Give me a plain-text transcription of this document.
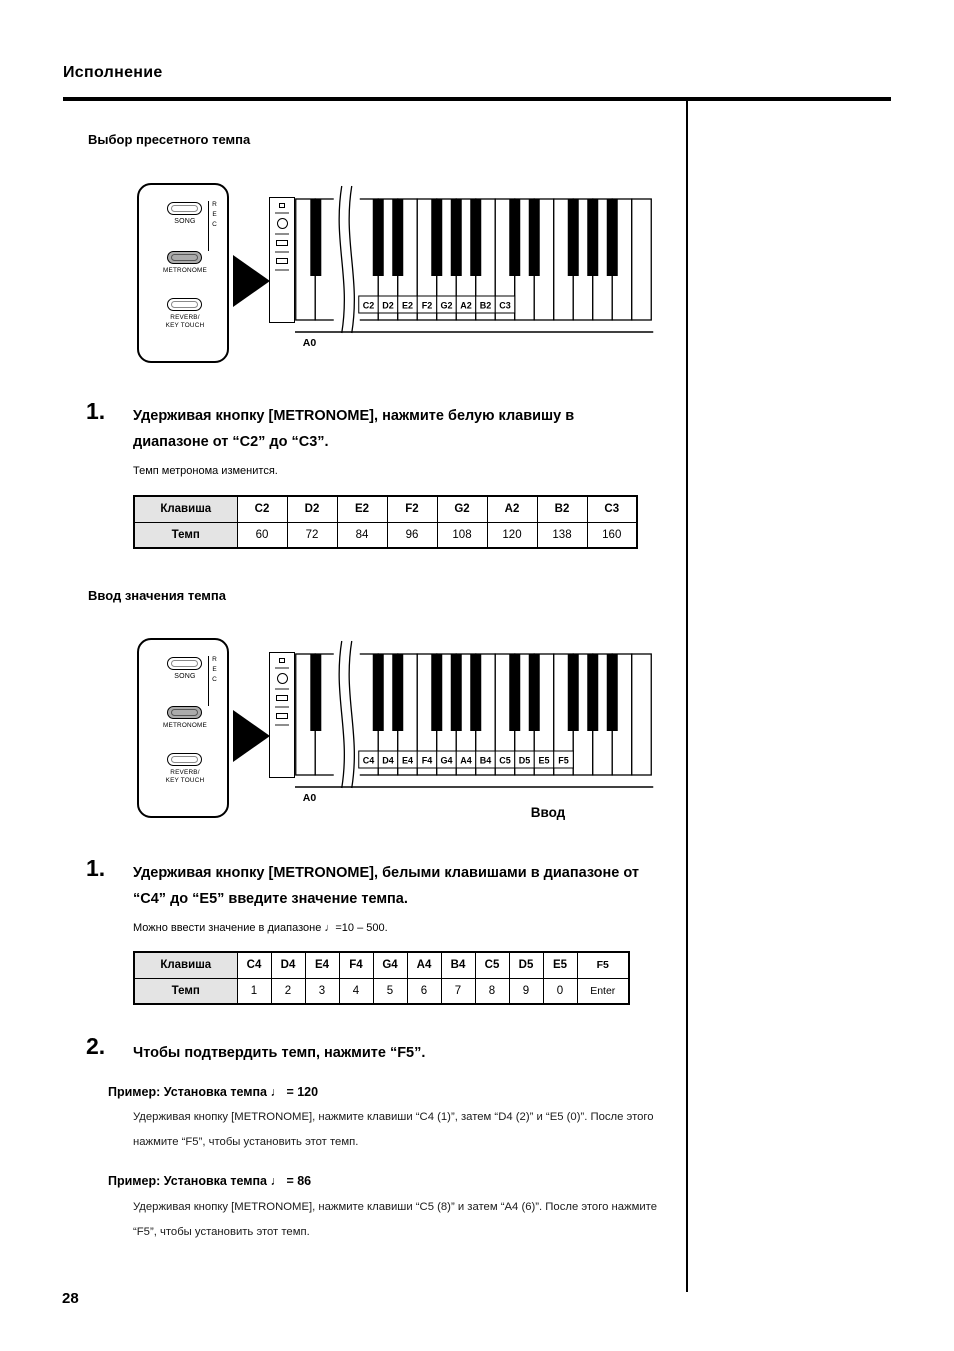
Исполнение
Выбор пресетного темпа
SONG	REC
METRONOME
REVERB/
KEY TOUCH
C2 D2 E2 F2 G2 A2 B2 C3
A0
1. Удерживая кнопку [METRONOME], нажмите белую клавишу в диапазоне от “C2” до “C3”.
Темп метронома изменится.
Клавиша	C2	D2	E2	F2	G2	A2	B2	C3
Темп	60	72	84	96	108	120	138	160
Ввод значения темпа
SONG	REC
METRONOME
REVERB/
KEY TOUCH
C4 D4 E4 F4 G4 A4 B4 C5 D5 E5 F5
A0
Ввод
1. Удерживая кнопку [METRONOME], белыми клавишами в диапазоне от “C4” до “E5” введите значение темпа.
Можно ввести значение в диапазоне ♩=10 – 500.
Клавиша	C4	D4	E4	F4	G4	A4	B4	C5	D5	E5	F5
Темп	1	2	3	4	5	6	7	8	9	0	Enter
2. Чтобы подтвердить темп, нажмите “F5”.
Пример: Установка темпа ♩ = 120
Удерживая кнопку [METRONOME], нажмите клавиши “C4 (1)”, затем “D4 (2)” и “E5 (0)”. После этого нажмите “F5”, чтобы установить этот темп.
Пример: Установка темпа ♩ = 86
Удерживая кнопку [METRONOME], нажмите клавиши “C5 (8)” и затем “A4 (6)”. После этого нажмите “F5”, чтобы установить этот темп.
28
